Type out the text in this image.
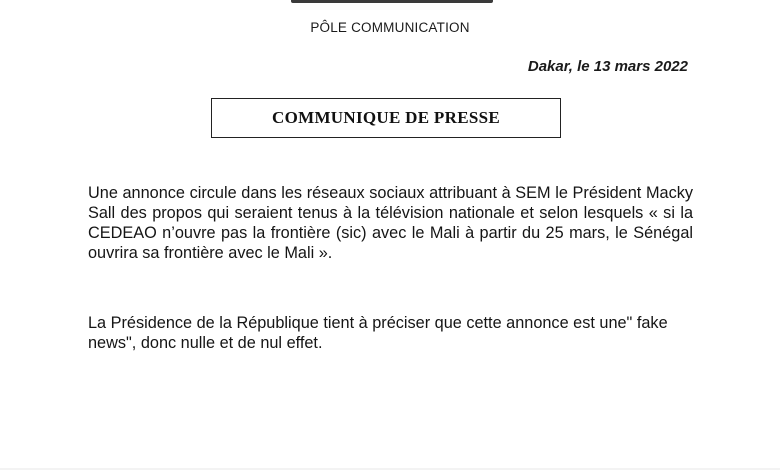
PÔLE COMMUNICATION
Dakar, le 13 mars 2022
COMMUNIQUE DE PRESSE
Une annonce circule dans les réseaux sociaux attribuant à SEM le Président Macky Sall des propos qui seraient tenus à la télévision nationale et selon lesquels « si la CEDEAO n’ouvre pas la frontière (sic) avec le Mali à partir du 25 mars, le Sénégal ouvrira sa frontière avec le Mali ».
La Présidence de la République tient à préciser que cette annonce est une" fake news", donc nulle et de nul effet.
